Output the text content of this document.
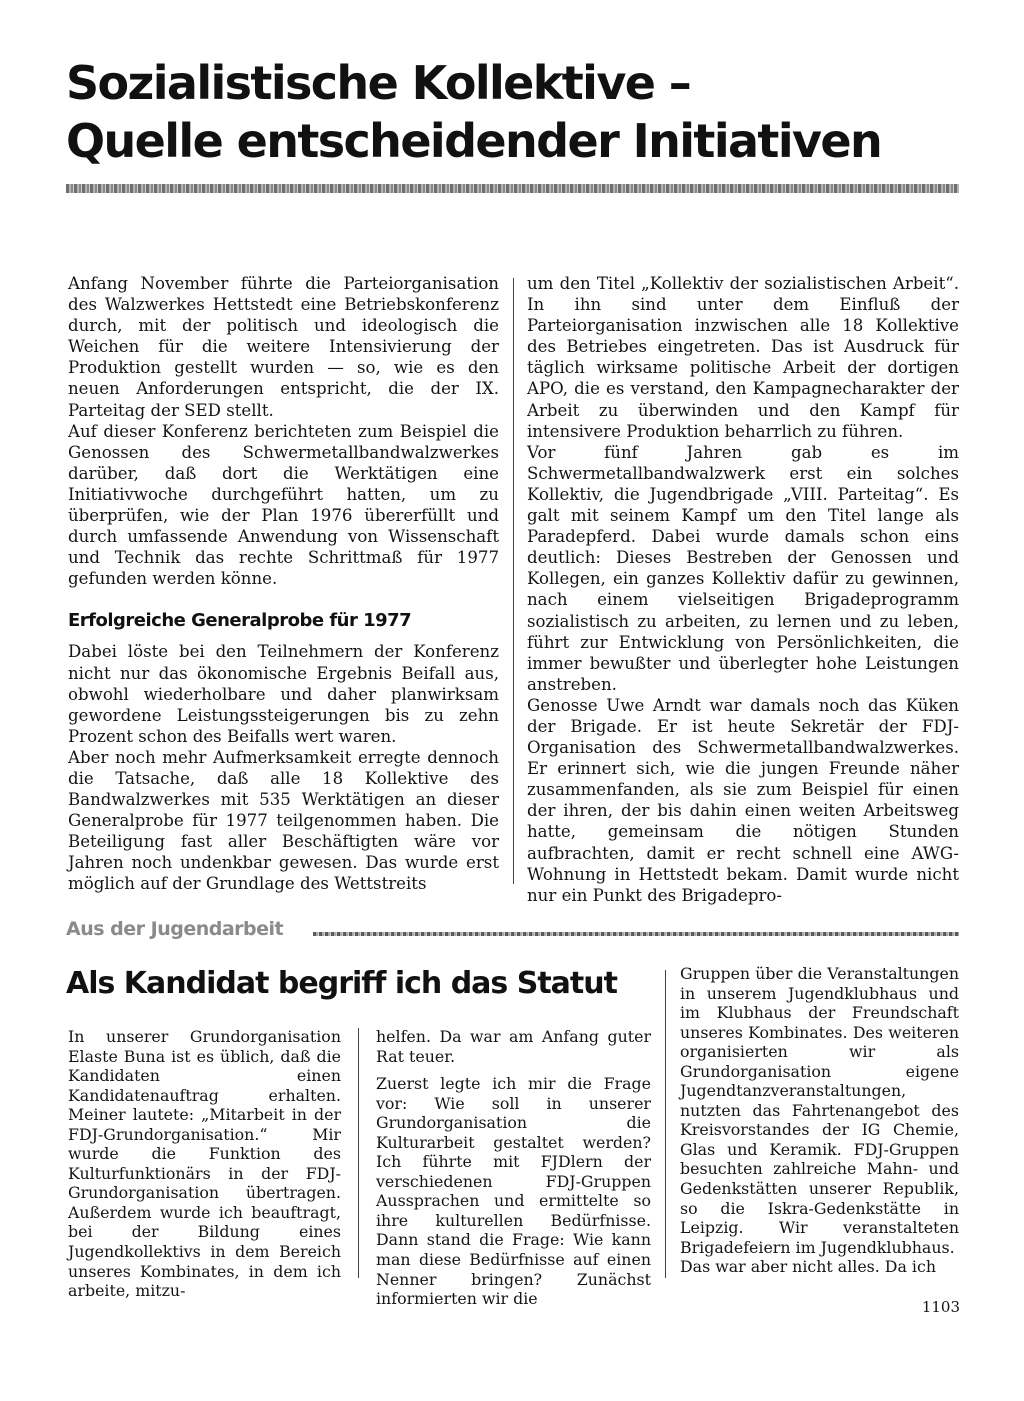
Sozialistische Kollektive –
Quelle entscheidender Initiativen

Anfang November führte die Parteiorganisation des Walzwerkes Hettstedt eine Betriebskonferenz durch, mit der politisch und ideologisch die Weichen für die weitere Intensivierung der Produktion gestellt wurden — so, wie es den neuen Anforderungen entspricht, die der IX. Parteitag der SED stellt.

Auf dieser Konferenz berichteten zum Beispiel die Genossen des Schwermetallbandwalzwerkes darüber, daß dort die Werktätigen eine Initiativwoche durchgeführt hatten, um zu überprüfen, wie der Plan 1976 übererfüllt und durch umfassende Anwendung von Wissenschaft und Technik das rechte Schrittmaß für 1977 gefunden werden könne.

Erfolgreiche Generalprobe für 1977

Dabei löste bei den Teilnehmern der Konferenz nicht nur das ökonomische Ergebnis Beifall aus, obwohl wiederholbare und daher planwirksam gewordene Leistungssteigerungen bis zu zehn Prozent schon des Beifalls wert waren.

Aber noch mehr Aufmerksamkeit erregte dennoch die Tatsache, daß alle 18 Kollektive des Bandwalzwerkes mit 535 Werktätigen an dieser Generalprobe für 1977 teilgenommen haben. Die Beteiligung fast aller Beschäftigten wäre vor Jahren noch undenkbar gewesen. Das wurde erst möglich auf der Grundlage des Wettstreits

um den Titel „Kollektiv der sozialistischen Arbeit“. In ihn sind unter dem Einfluß der Parteiorganisation inzwischen alle 18 Kollektive des Betriebes eingetreten. Das ist Ausdruck für täglich wirksame politische Arbeit der dortigen APO, die es verstand, den Kampagnecharakter der Arbeit zu überwinden und den Kampf für intensivere Produktion beharrlich zu führen.

Vor fünf Jahren gab es im Schwermetallbandwalzwerk erst ein solches Kollektiv, die Jugendbrigade „VIII. Parteitag“. Es galt mit seinem Kampf um den Titel lange als Paradepferd. Dabei wurde damals schon eins deutlich: Dieses Bestreben der Genossen und Kollegen, ein ganzes Kollektiv dafür zu gewinnen, nach einem vielseitigen Brigadeprogramm sozialistisch zu arbeiten, zu lernen und zu leben, führt zur Entwicklung von Persönlichkeiten, die immer bewußter und überlegter hohe Leistungen anstreben.

Genosse Uwe Arndt war damals noch das Küken der Brigade. Er ist heute Sekretär der FDJ-Organisation des Schwermetallbandwalzwerkes. Er erinnert sich, wie die jungen Freunde näher zusammenfanden, als sie zum Beispiel für einen der ihren, der bis dahin einen weiten Arbeitsweg hatte, gemeinsam die nötigen Stunden aufbrachten, damit er recht schnell eine AWG-Wohnung in Hettstedt bekam. Damit wurde nicht nur ein Punkt des Brigadepro-

Aus der Jugendarbeit
Als Kandidat begriff ich das Statut

In unserer Grundorganisation Elaste Buna ist es üblich, daß die Kandidaten einen Kandidatenauftrag erhalten. Meiner lautete: „Mitarbeit in der FDJ-Grundorganisation.“ Mir wurde die Funktion des Kulturfunktionärs in der FDJ-Grundorganisation übertragen. Außerdem wurde ich beauftragt, bei der Bildung eines Jugendkollektivs in dem Bereich unseres Kombinates, in dem ich arbeite, mitzu-

helfen. Da war am Anfang guter Rat teuer.

Zuerst legte ich mir die Frage vor: Wie soll in unserer Grundorganisation die Kulturarbeit gestaltet werden? Ich führte mit FJDlern der verschiedenen FDJ-Gruppen Aussprachen und ermittelte so ihre kulturellen Bedürfnisse. Dann stand die Frage: Wie kann man diese Bedürfnisse auf einen Nenner bringen? Zunächst informierten wir die

Gruppen über die Veranstaltungen in unserem Jugendklubhaus und im Klubhaus der Freundschaft unseres Kombinates. Des weiteren organisierten wir als Grundorganisation eigene Jugendtanzveranstaltungen, nutzten das Fahrtenangebot des Kreisvorstandes der IG Chemie, Glas und Keramik. FDJ-Gruppen besuchten zahlreiche Mahn- und Gedenkstätten unserer Republik, so die Iskra-Gedenkstätte in Leipzig. Wir veranstalteten Brigadefeiern im Jugendklubhaus.

Das war aber nicht alles. Da ich

1103
